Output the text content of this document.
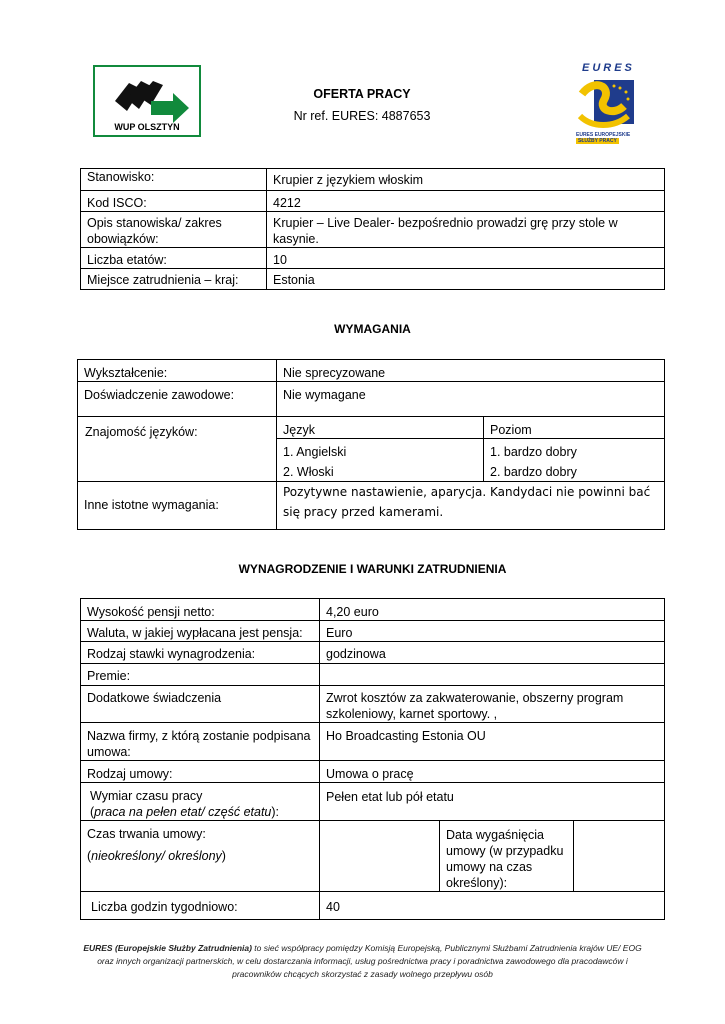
WUP OLSZTYN
OFERTA PRACY
Nr ref. EURES: 4887653
EURES
EURES EUROPEJSKIE
SŁUŻBY PRACY
Stanowisko:	Krupier z językiem włoskim
Kod ISCO:	4212
Opis stanowiska/ zakres obowiązków:	Krupier – Live Dealer- bezpośrednio prowadzi grę przy stole w kasynie.
Liczba etatów:	10
Miejsce zatrudnienia – kraj:	Estonia
WYMAGANIA
Wykształcenie:	Nie sprecyzowane	
Doświadczenie zawodowe:	Nie wymagane	
Znajomość języków:	Język	Poziom
	1. Angielski	1. bardzo dobry
	2. Włoski	2. bardzo dobry
Inne istotne wymagania:	Pozytywne nastawienie, aparycja. Kandydaci nie powinni bać się pracy przed kamerami.	
WYNAGRODZENIE I WARUNKI ZATRUDNIENIA
Wysokość pensji netto:	4,20 euro		
Waluta, w jakiej wypłacana jest pensja:	Euro		
Rodzaj stawki wynagrodzenia:	godzinowa		
Premie:			
Dodatkowe świadczenia	Zwrot kosztów za zakwaterowanie, obszerny program szkoleniowy, karnet sportowy. ,		
Nazwa firmy, z którą zostanie podpisana umowa:	Ho Broadcasting Estonia OU		
Rodzaj umowy:	Umowa o pracę		
Wymiar czasu pracy
(praca na pełen etat/ część etatu):	Pełen etat lub pół etatu		

Czas trwania umowy:
(nieokreślony/ określony)		Data wygaśnięcia umowy (w przypadku umowy na czas określony):	
Liczba godzin tygodniowo:	40		
EURES (Europejskie Służby Zatrudnienia) to sieć współpracy pomiędzy Komisją Europejską, Publicznymi Służbami Zatrudnienia krajów UE/ EOG
oraz innych organizacji partnerskich, w celu dostarczania informacji, usług pośrednictwa pracy i poradnictwa zawodowego dla pracodawców i
pracowników chcących skorzystać z zasady wolnego przepływu osób
